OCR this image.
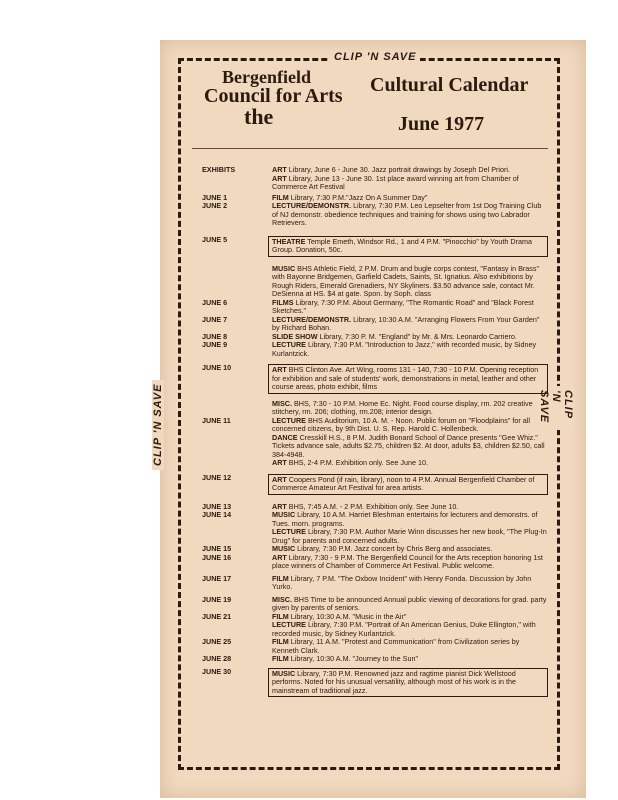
CLIP 'N SAVE
CLIP 'N SAVE	CLIP 'N SAVE
Bergenfield
Council for Arts
the
Cultural Calendar
June 1977
EXHIBITS	ART Library, June 6 - June 30. Jazz portrait drawings by Joseph Del Priori.
ART Library, June 13 - June 30. 1st place award winning art from Chamber of Commerce Art Festival
JUNE 1	FILM Library, 7:30 P.M."Jazz On A Summer Day"
JUNE 2	LECTURE/DEMONSTR. Library, 7:30 P.M. Leo Lepselter from 1st Dog Training Club of NJ demonstr. obedience techniques and training for shows using two Labrador Retrievers.
JUNE 5	THEATRE Temple Emeth, Windsor Rd., 1 and 4 P.M. "Pinocchio" by Youth Drama Group. Donation, 50c.
MUSIC BHS Athletic Field, 2 P.M. Drum and bugle corps contest, "Fantasy in Brass" with Bayonne Bridgemen, Garfield Cadets, Saints, St. Ignatius. Also exhibitions by Rough Riders, Emerald Grenadiers, NY Skyliners. $3.50 advance sale, contact Mr. DeSienna at HS. $4 at gate. Spon. by Soph. class
JUNE 6	FILMS Library, 7:30 P.M. About Germany, "The Romantic Road" and "Black Forest Sketches."
JUNE 7	LECTURE/DEMONSTR. Library, 10:30 A.M. "Arranging Flowers From Your Garden" by Richard Bohan.
JUNE 8	SLIDE SHOW Library, 7:30 P. M. "England" by Mr. & Mrs. Leonardo Carriero.
JUNE 9	LECTURE Library, 7:30 P.M. "Introduction to Jazz," with recorded music, by Sidney Kurlantzick.
JUNE 10	ART BHS Clinton Ave. Art Wing, rooms 131 - 140, 7:30 - 10 P.M. Opening reception for exhibition and sale of students' work, demonstrations in metal, leather and other course areas, photo exhibit, films
MISC. BHS, 7:30 - 10 P.M. Home Ec. Night. Food course display, rm. 202 creative stitchery, rm. 206; clothing, rm.208; interior design.
JUNE 11	LECTURE BHS Auditorium, 10 A. M. - Noon. Public forum on "Floodplains" for all concerned citizens, by 9th Dist. U. S. Rep. Harold C. Hollenbeck.
DANCE Cresskill H.S., 8 P.M. Judith Bonard School of Dance presents "Gee Whiz." Tickets advance sale, adults $2.75, children $2. At door, adults $3, children $2.50, call 384-4948.
ART BHS, 2-4 P.M. Exhibition only. See June 10.
JUNE 12	ART Coopers Pond (if rain, library), noon to 4 P.M. Annual Bergenfield Chamber of Commerce Amateur Art Festival for area artists.
JUNE 13	ART BHS, 7:45 A.M. - 2 P.M. Exhibition only. See June 10.
JUNE 14	MUSIC Library, 10 A.M. Harriet Bleshman entertains for lecturers and demonstrs. of Tues. morn. programs.
LECTURE Library, 7:30 P.M. Author Marie Winn discusses her new book, "The Plug-In Drug" for parents and concerned adults.
JUNE 15	MUSIC Library, 7:30 P.M. Jazz concert by Chris Berg and associates.
JUNE 16	ART Library, 7:30 - 9 P.M. The Bergenfield Council for the Arts reception honoring 1st place winners of Chamber of Commerce Art Festival. Public welcome.
JUNE 17	FILM Library, 7 P.M. "The Oxbow Incident" with Henry Fonda. Discussion by John Yurko.
JUNE 19	MISC. BHS Time to be announced Annual public viewing of decorations for grad. party given by parents of seniors.
JUNE 21	FILM Library, 10:30 A.M. "Music in the Air"
LECTURE Library, 7:30 P.M. "Portrait of An American Genius, Duke Ellington," with recorded music, by Sidney Kurlantzick.
JUNE 25	FILM Library, 11 A.M. "Protest and Communication" from Civilization series by Kenneth Clark.
JUNE 28	FILM Library, 10:30 A.M. "Journey to the Sun"
JUNE 30	MUSIC Library, 7:30 P.M. Renowned jazz and ragtime pianist Dick Wellstood performs. Noted for his unusual versatility, although most of his work is in the mainstream of traditional jazz.
